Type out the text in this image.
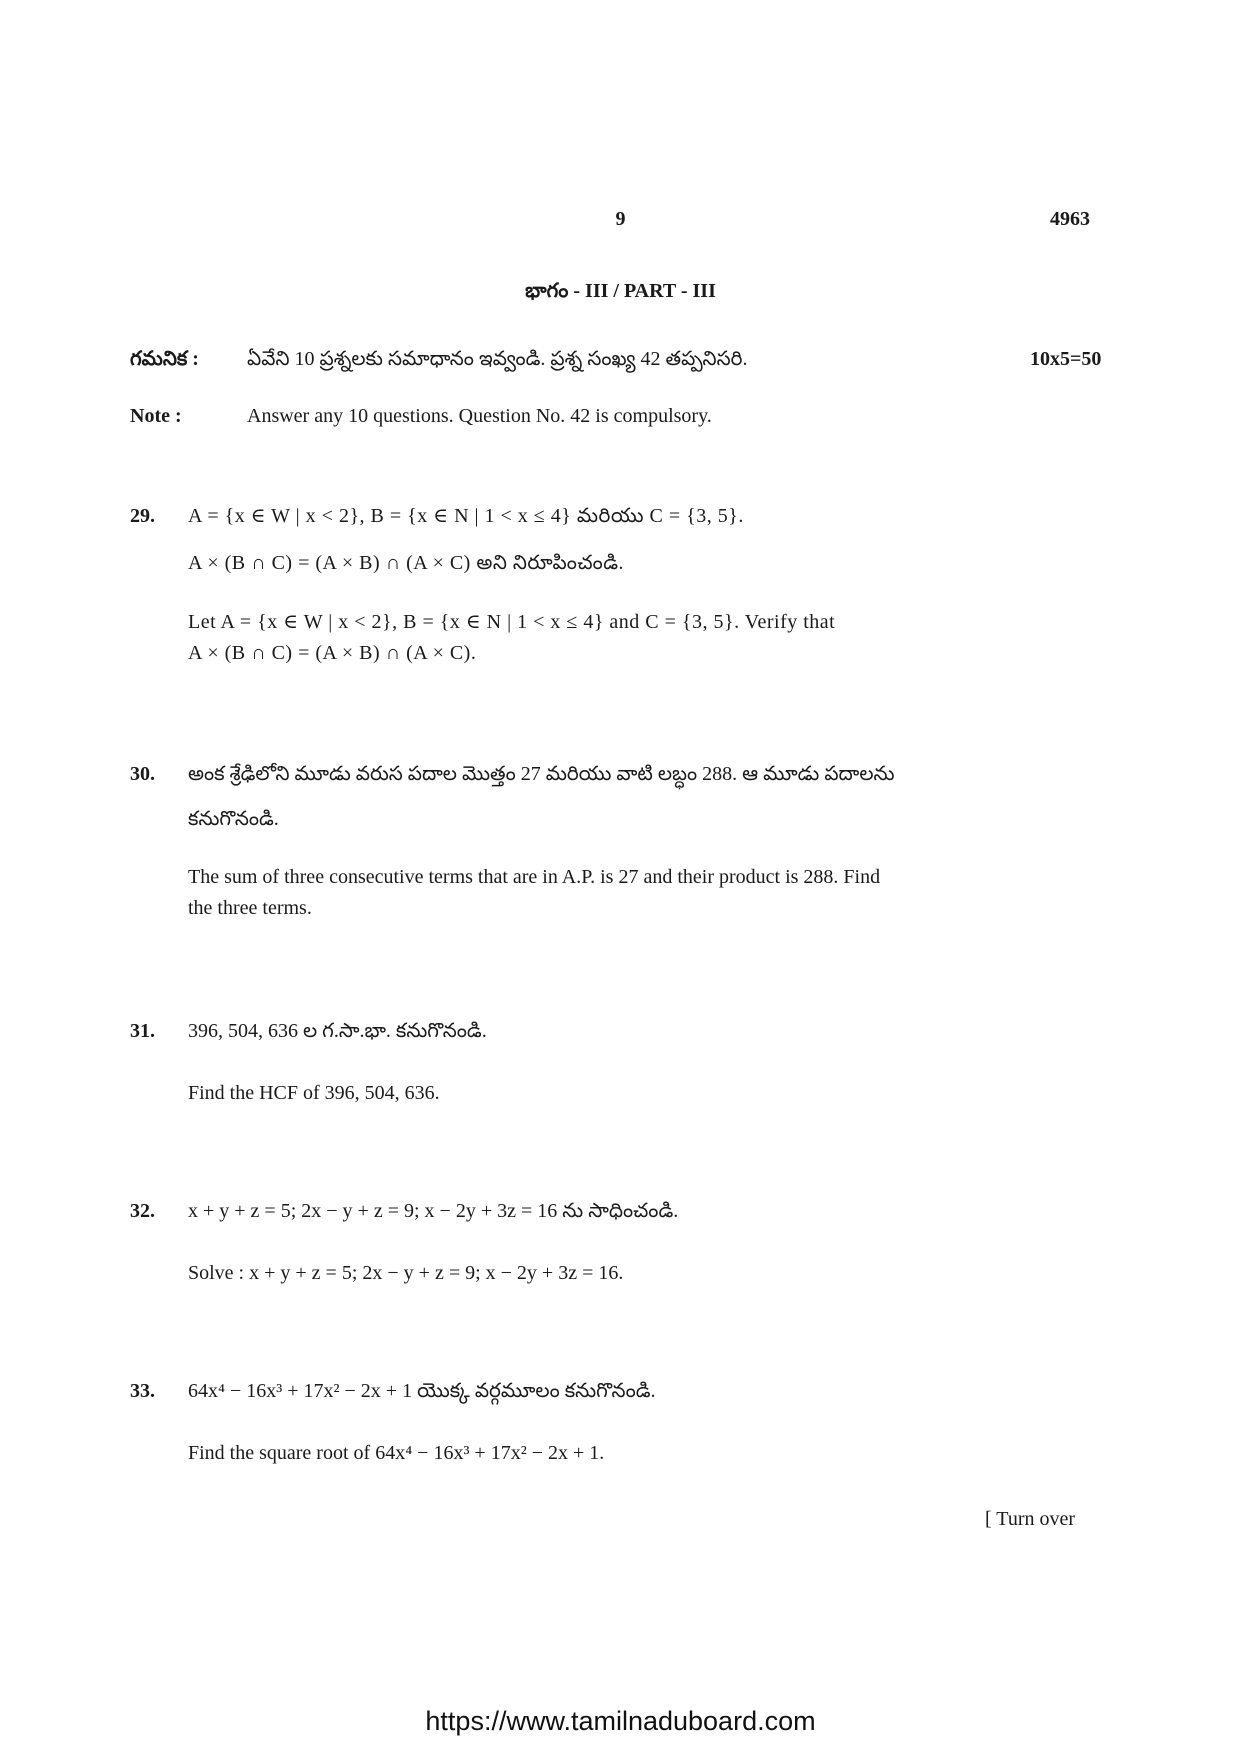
9	4963
భాగం - III / PART - III
గమనిక : ఏవేని 10 ప్రశ్నలకు సమాధానం ఇవ్వండి. ప్రశ్న సంఖ్య 42 తప్పనిసరి.	10x5=50
Note :	Answer any 10 questions. Question No. 42 is compulsory.
29. A = {x ∈ W | x < 2}, B = {x ∈ N | 1 < x ≤ 4} మరియు C = {3, 5}.

A × (B ∩ C) = (A × B) ∩ (A × C) అని నిరూపించండి.

Let A = {x ∈ W | x < 2}, B = {x ∈ N | 1 < x ≤ 4} and C = {3, 5}. Verify that

A × (B ∩ C) = (A × B) ∩ (A × C).

30. అంక శ్రేఢిలోని మూడు వరుస పదాల మొత్తం 27 మరియు వాటి లబ్ధం 288. ఆ మూడు పదాలను

కనుగొనండి.

The sum of three consecutive terms that are in A.P. is 27 and their product is 288. Find

the three terms.

31. 396, 504, 636 ల గ.సా.భా. కనుగొనండి.

Find the HCF of 396, 504, 636.

32. x + y + z = 5; 2x − y + z = 9; x − 2y + 3z = 16 ను సాధించండి.

Solve : x + y + z = 5; 2x − y + z = 9; x − 2y + 3z = 16.

33. 64x⁴ − 16x³ + 17x² − 2x + 1 యొక్క వర్గమూలం కనుగొనండి.

Find the square root of 64x⁴ − 16x³ + 17x² − 2x + 1.

[ Turn over
https://www.tamilnaduboard.com
